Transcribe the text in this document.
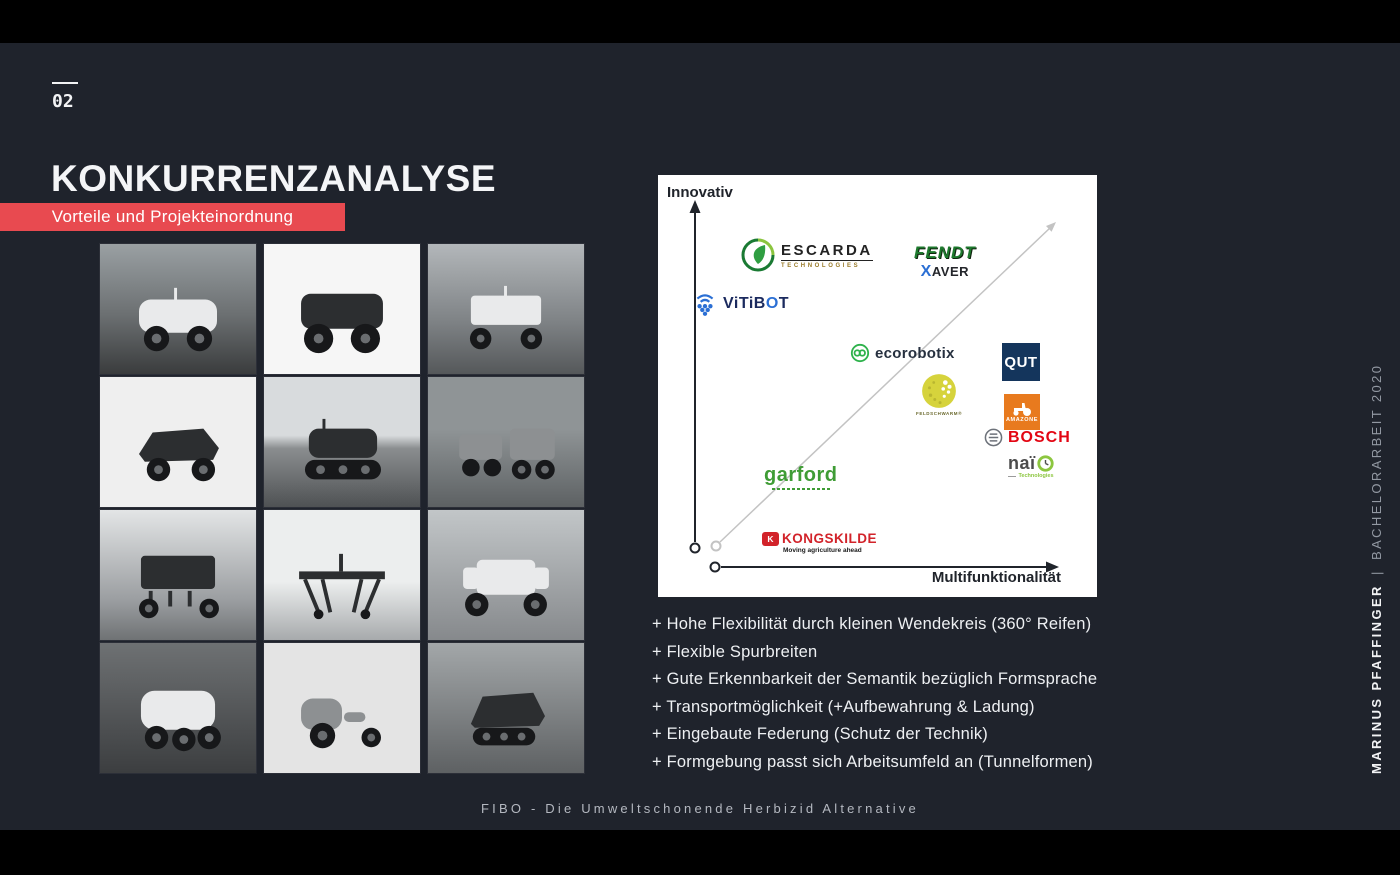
02
KONKURRENZANALYSE
Vorteile und Projekteinordnung
Innovativ
Multifunktionalität
ESCARDA
TECHNOLOGIES
FENDT
XAVER
ViTiBOT
ecorobotix
QUT
FELDSCHWARM®
AMAZONE
BOSCH
naï
Technologies
garford
K KONGSKILDE
Moving agriculture ahead
+ Hohe Flexibilität durch kleinen Wendekreis (360° Reifen)
+ Flexible Spurbreiten
+ Gute Erkennbarkeit der Semantik bezüglich Formsprache
+ Transportmöglichkeit (+Aufbewahrung & Ladung)
+ Eingebaute Federung (Schutz der Technik)
+ Formgebung passt sich Arbeitsumfeld an (Tunnelformen)
FIBO - Die Umweltschonende Herbizid Alternative
MARINUS PFAFFINGER
|
BACHELORARBEIT 2020
